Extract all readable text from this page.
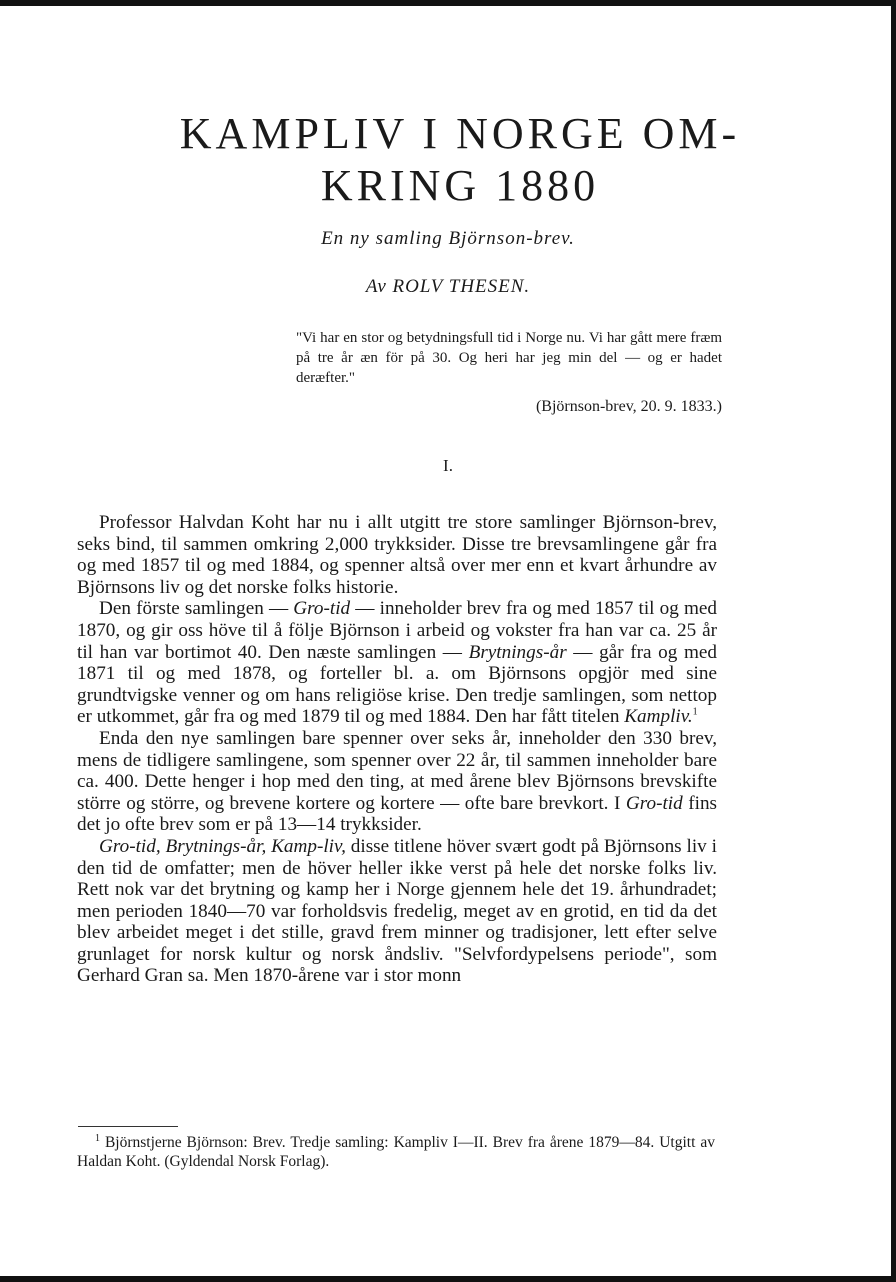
KAMPLIV I NORGE OM-
KRING 1880
En ny samling Björnson-brev.
Av ROLV THESEN.
"Vi har en stor og betydningsfull tid i Norge nu. Vi har gått mere fræm på tre år æn för på 30. Og heri har jeg min del — og er hadet deræfter."
(Björnson-brev, 20. 9. 1833.)
I.

Professor Halvdan Koht har nu i allt utgitt tre store samlinger Björnson-brev, seks bind, til sammen omkring 2,000 trykksider. Disse tre brevsamlingene går fra og med 1857 til og med 1884, og spenner altså over mer enn et kvart århundre av Björnsons liv og det norske folks historie.

Den förste samlingen — Gro-tid — inneholder brev fra og med 1857 til og med 1870, og gir oss höve til å följe Björnson i arbeid og vokster fra han var ca. 25 år til han var bortimot 40. Den næste samlingen — Brytnings-år — går fra og med 1871 til og med 1878, og forteller bl. a. om Björnsons opgjör med sine grundtvigske venner og om hans religiöse krise. Den tredje samlingen, som nettop er utkommet, går fra og med 1879 til og med 1884. Den har fått titelen Kampliv.$^1$

Enda den nye samlingen bare spenner over seks år, inneholder den 330 brev, mens de tidligere samlingene, som spenner over 22 år, til sammen inneholder bare ca. 400. Dette henger i hop med den ting, at med årene blev Björnsons brevskifte större og större, og brevene kortere og kortere — ofte bare brevkort. I Gro-tid fins det jo ofte brev som er på 13—14 trykksider.

Gro-tid, Brytnings-år, Kamp-liv, disse titlene höver svært godt på Björnsons liv i den tid de omfatter; men de höver heller ikke verst på hele det norske folks liv. Rett nok var det brytning og kamp her i Norge gjennem hele det 19. århundradet; men perioden 1840—70 var forholdsvis fredelig, meget av en grotid, en tid da det blev arbeidet meget i det stille, gravd frem minner og tradisjoner, lett efter selve grunlaget for norsk kultur og norsk åndsliv. "Selvfordypelsens periode", som Gerhard Gran sa. Men 1870-årene var i stor monn

$^1$ Björnstjerne Björnson: Brev. Tredje samling: Kampliv I—II. Brev fra årene 1879—84. Utgitt av Haldan Koht. (Gyldendal Norsk Forlag).
